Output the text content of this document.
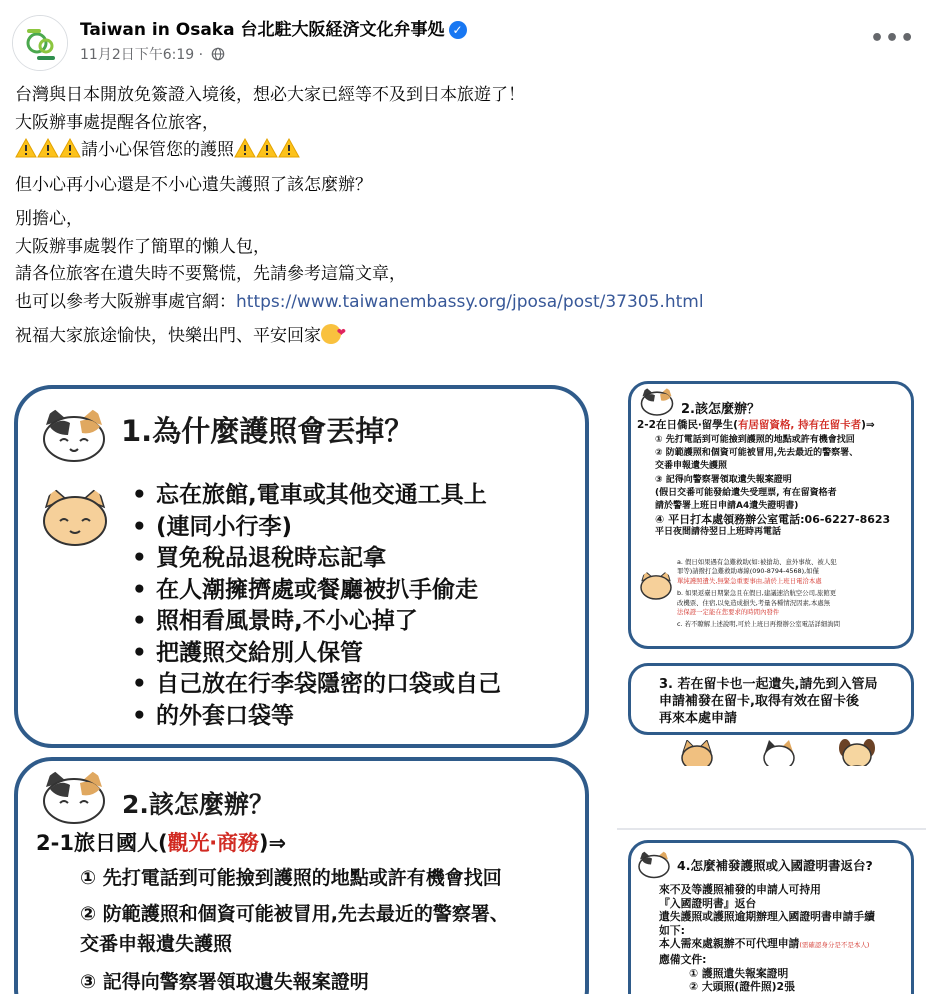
Taiwan in Osaka 台北駐大阪経済文化弁事処 ✓
11月2日下午6:19 ·
•••

台灣與日本開放免簽證入境後，想必大家已經等不及到日本旅遊了！
大阪辦事處提醒各位旅客，
請小心保管您的護照

但小心再小心還是不小心遺失護照了該怎麼辦？

別擔心，
大阪辦事處製作了簡單的懶人包，
請各位旅客在遺失時不要驚慌，先請參考這篇文章，
也可以參考大阪辦事處官網：https://www.taiwanembassy.org/jposa/post/37305.html

祝福大家旅途愉快，快樂出門、平安回家❤

1.為什麼護照會丟掉？
• 忘在旅館,電車或其他交通工具上
• (連同小行李)
• 買免稅品退稅時忘記拿
• 在人潮擁擠處或餐廳被扒手偷走
• 照相看風景時,不小心掉了
• 把護照交給別人保管
• 自己放在行李袋隱密的口袋或自己
• 的外套口袋等
2.該怎麼辦？
2-1旅日國人(觀光‧商務)⇒
① 先打電話到可能撿到護照的地點或許有機會找回
② 防範護照和個資可能被冒用,先去最近的警察署、
交番申報遺失護照
③ 記得向警察署領取遺失報案證明
2.該怎麼辦？
2-2在日僑民‧留學生(有居留資格, 持有在留卡者)⇒
① 先打電話到可能撿到護照的地點或許有機會找回
② 防範護照和個資可能被冒用,先去最近的警察署、
交番申報遺失護照
③ 記得向警察署領取遺失報案證明
(假日交番可能發給遺失受理票, 有在留資格者
請於警署上班日申請A4遺失證明書)
④ 平日打本處領務辦公室電話:06-6227-8623
平日夜間請待翌日上班時再電話
a. 假日如果遇有急難救助(如:被搶劫、意外事故、被人犯
罪等)請撥打急難救助專線(090-8794-4568),如僅
單純護照遺失,無緊急重要事由,請於上班日電洽本處
b. 如果返臺日期緊急且在假日,建議速洽航空公司,旅館更
改機票、住宿,以免造成損失,考量各種情況因素,本處無
法保證一定能在您要求的時間內發件
c. 若不瞭解上述說明,可於上班日再撥辦公室電話詳細詢問
3. 若在留卡也一起遺失,請先到入管局
申請補發在留卡,取得有效在留卡後
再來本處申請
4.怎麼補發護照或入國證明書返台?
來不及等護照補發的申請人可持用
『入國證明書』返台
遺失護照或護照逾期辦理入國證明書申請手續
如下:
本人需來處親辦不可代理申請(需確認身分是不是本人)
應備文件:
① 護照遺失報案證明
② 大頭照(證件照)2張
